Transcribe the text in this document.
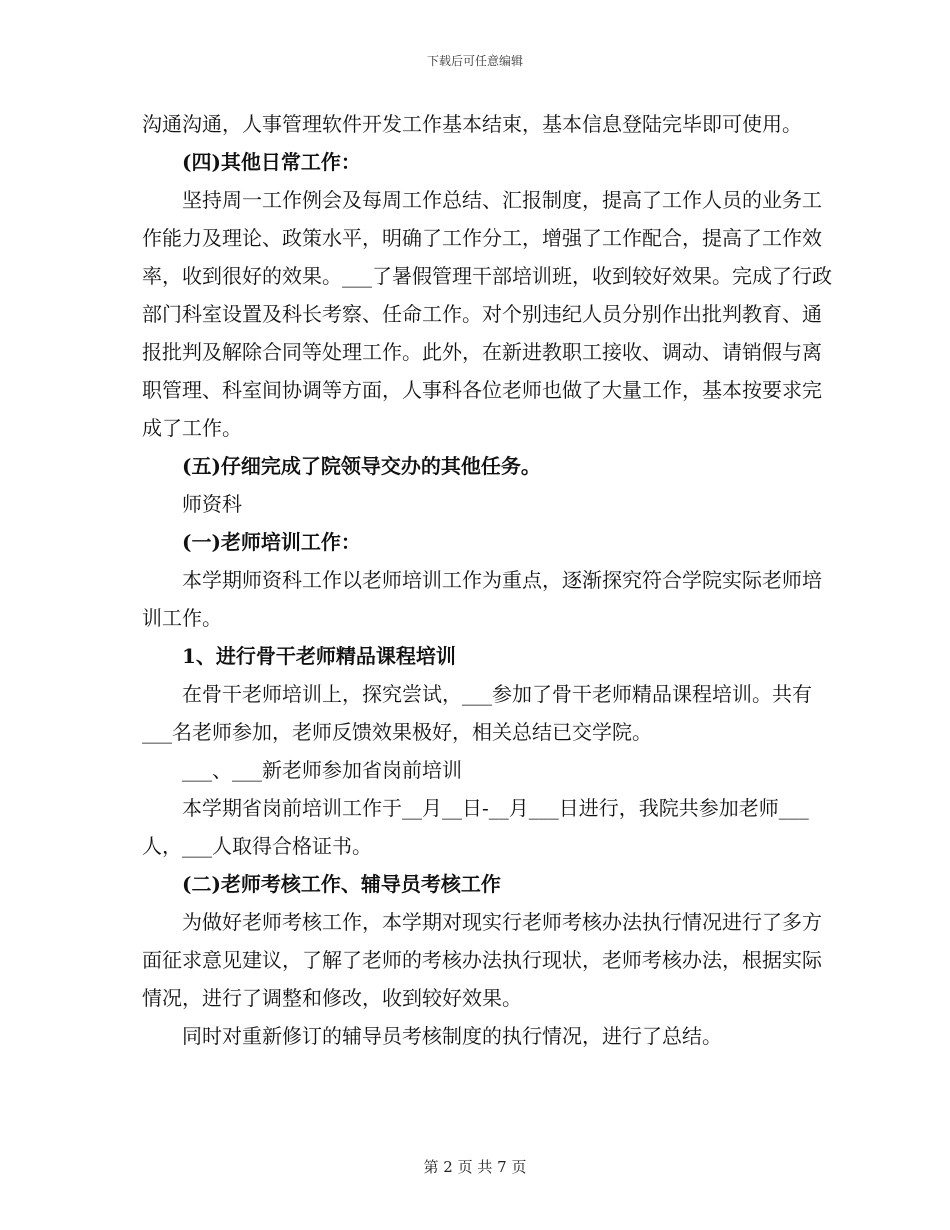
下载后可任意编辑

沟通沟通，人事管理软件开发工作基本结束，基本信息登陆完毕即可使用。

(四)其他日常工作：

坚持周一工作例会及每周工作总结、汇报制度，提高了工作人员的业务工作能力及理论、政策水平，明确了工作分工，增强了工作配合，提高了工作效率，收到很好的效果。___了暑假管理干部培训班，收到较好效果。完成了行政部门科室设置及科长考察、任命工作。对个别违纪人员分别作出批判教育、通报批判及解除合同等处理工作。此外，在新进教职工接收、调动、请销假与离职管理、科室间协调等方面，人事科各位老师也做了大量工作，基本按要求完成了工作。

(五)仔细完成了院领导交办的其他任务。

师资科

(一)老师培训工作：

本学期师资科工作以老师培训工作为重点，逐渐探究符合学院实际老师培训工作。

1、进行骨干老师精品课程培训

在骨干老师培训上，探究尝试，___参加了骨干老师精品课程培训。共有___名老师参加，老师反馈效果极好，相关总结已交学院。

___、___新老师参加省岗前培训

本学期省岗前培训工作于__月__日-__月___日进行，我院共参加老师___人，___人取得合格证书。

(二)老师考核工作、辅导员考核工作

为做好老师考核工作，本学期对现实行老师考核办法执行情况进行了多方面征求意见建议，了解了老师的考核办法执行现状，老师考核办法，根据实际情况，进行了调整和修改，收到较好效果。

同时对重新修订的辅导员考核制度的执行情况，进行了总结。

第 2 页 共 7 页
